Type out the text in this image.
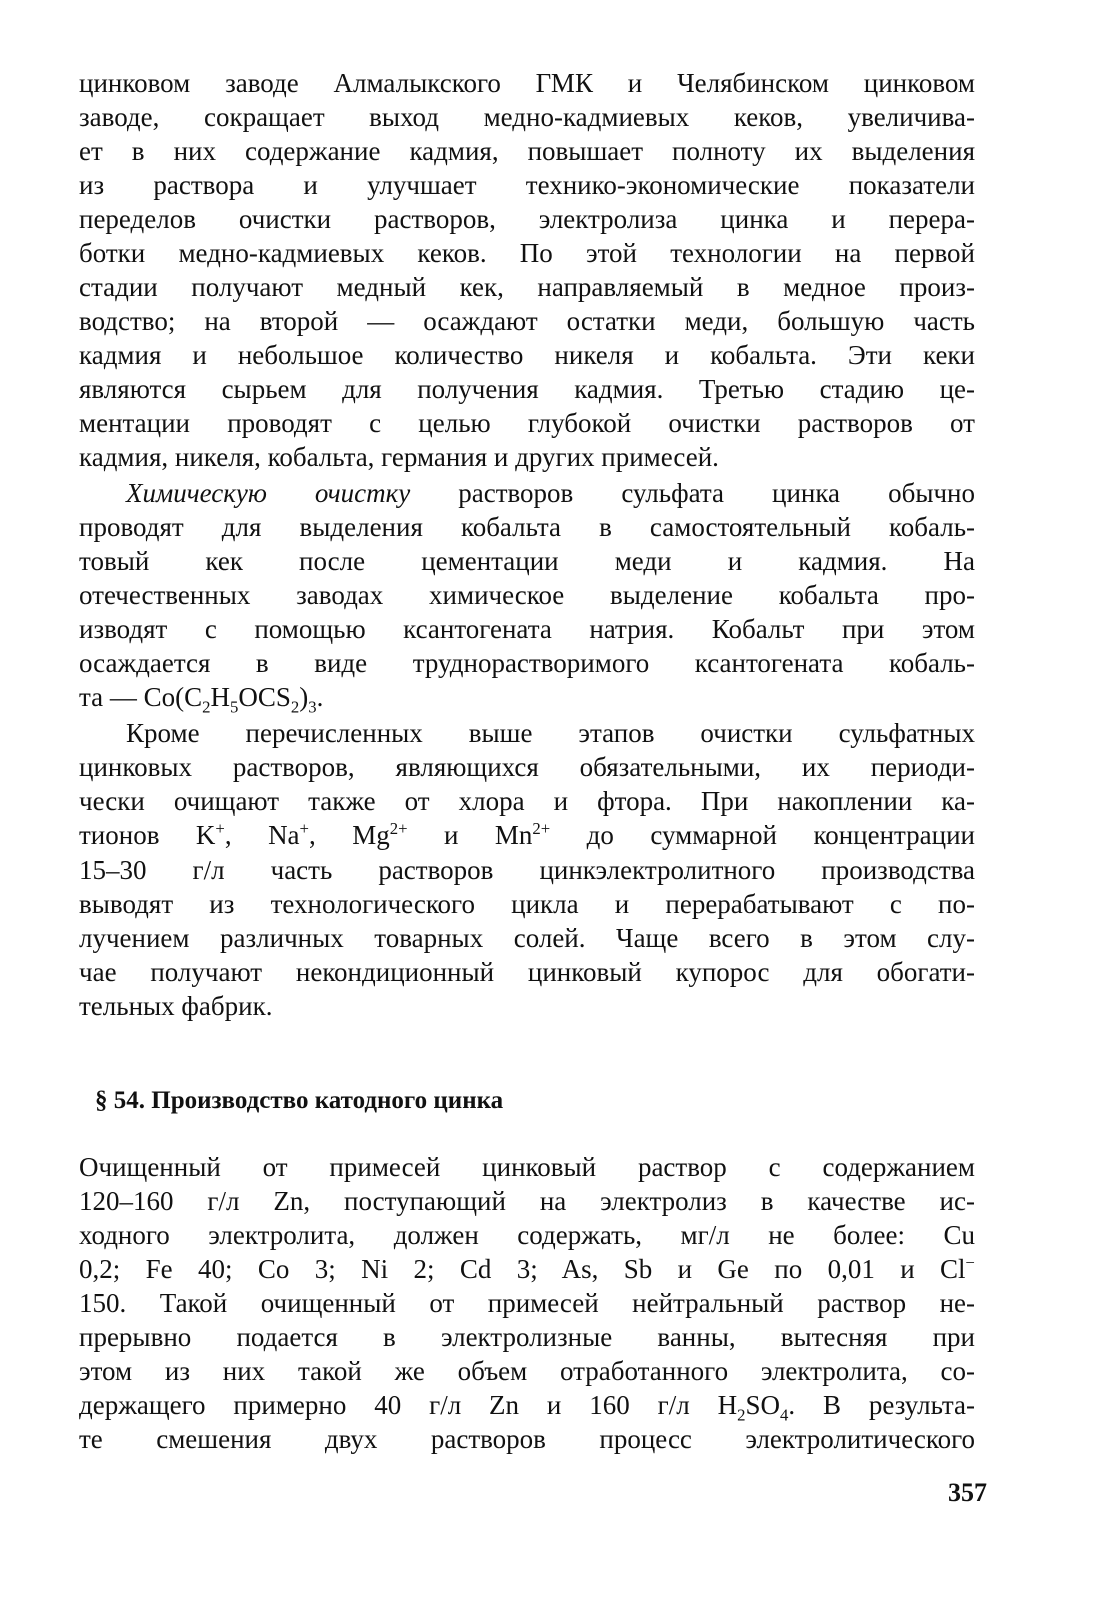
цинковом заводе Алмалыкского ГМК и Челябинском цинковом
заводе, сокращает выход медно-кадмиевых кеков, увеличива-
ет в них содержание кадмия, повышает полноту их выделения
из раствора и улучшает технико-экономические показатели
переделов очистки растворов, электролиза цинка и перера-
ботки медно-кадмиевых кеков. По этой технологии на первой
стадии получают медный кек, направляемый в медное произ-
водство; на второй — осаждают остатки меди, большую часть
кадмия и небольшое количество никеля и кобальта. Эти кеки
являются сырьем для получения кадмия. Третью стадию це-
ментации проводят с целью глубокой очистки растворов от
кадмия, никеля, кобальта, германия и других примесей.
Химическую очистку растворов сульфата цинка обычно
проводят для выделения кобальта в самостоятельный кобаль-
товый кек после цементации меди и кадмия. На
отечественных заводах химическое выделение кобальта про-
изводят с помощью ксантогената натрия. Кобальт при этом
осаждается в виде труднорастворимого ксантогената кобаль-
та — $Co(C_2H_5OCS_2)_3$.
Кроме перечисленных выше этапов очистки сульфатных
цинковых растворов, являющихся обязательными, их периоди-
чески очищают также от хлора и фтора. При накоплении ка-
тионов K+, Na+, $Mg^{2+}$ и $Mn^{2+}$ до суммарной концентрации
15–30 г/л часть растворов цинкэлектролитного производства
выводят из технологического цикла и перерабатывают с по-
лучением различных товарных солей. Чаще всего в этом слу-
чае получают некондиционный цинковый купорос для обогати-
тельных фабрик.
§ 54. Производство катодного цинка
Очищенный от примесей цинковый раствор с содержанием
120–160 г/л Zn, поступающий на электролиз в качестве ис-
ходного электролита, должен содержать, мг/л не более: Cu
0,2; Fe 40; Co 3; Ni 2; Cd 3; As, Sb и Ge по 0,01 и Cl−
150. Такой очищенный от примесей нейтральный раствор не-
прерывно подается в электролизные ванны, вытесняя при
этом из них такой же объем отработанного электролита, со-
держащего примерно 40 г/л Zn и 160 г/л $H_2SO_4$. В результа-
те смешения двух растворов процесс электролитического
357
